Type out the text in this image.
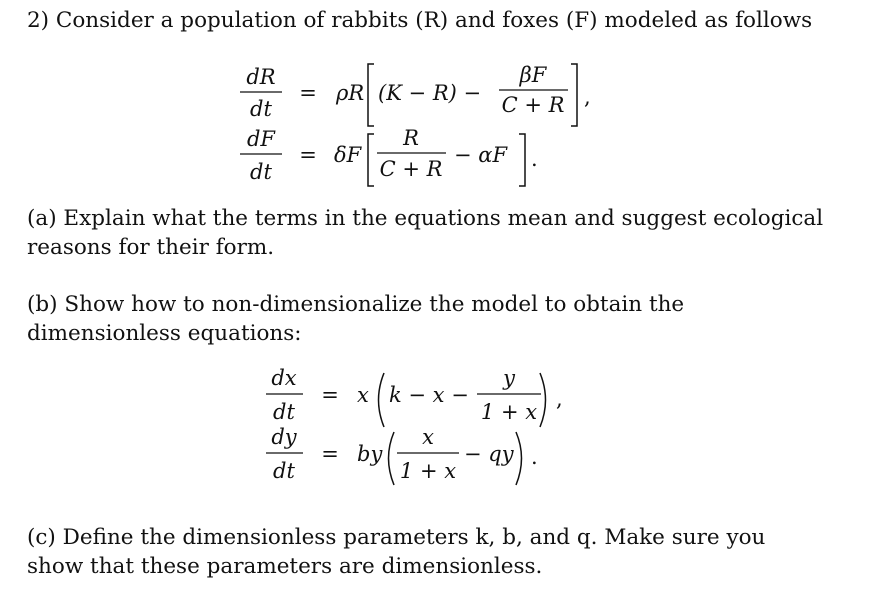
2) Consider a population of rabbits (R) and foxes (F) modeled as follows

dR
dt
= ρR (K − R) −
βF
C + R ,
dF
dt
= δF
R
C + R
− αF .

(a) Explain what the terms in the equations mean and suggest ecological reasons for their form.

(b) Show how to non-dimensionalize the model to obtain the dimensionless equations:

dx
dt
= x k − x −
y
1 + x
,
dy
dt
= by
x
1 + x
− qy .

(c) Define the dimensionless parameters k, b, and q. Make sure you show that these parameters are dimensionless.
